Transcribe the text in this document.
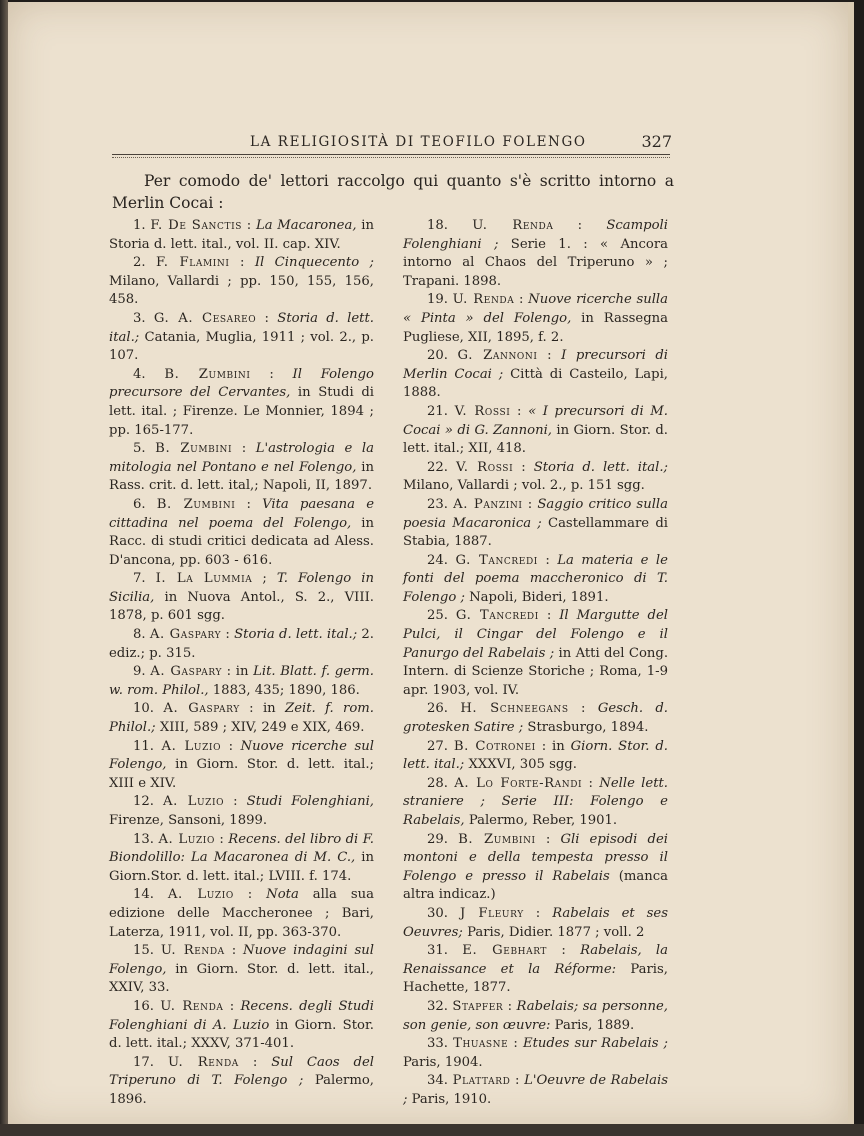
LA RELIGIOSITÀ DI TEOFILO FOLENGO	327

Per comodo de' lettori raccolgo qui quanto s'è scritto intorno a Merlin Cocai :

1. F. De Sanctis : La Macaronea, in Storia d. lett. ital., vol. II. cap. XIV.

2. F. Flamini : Il Cinquecento ; Milano, Vallardi ; pp. 150, 155, 156, 458.

3. G. A. Cesareo : Storia d. lett. ital.; Catania, Muglia, 1911 ; vol. 2., p. 107.

4. B. Zumbini : Il Folengo precursore del Cervantes, in Studi di lett. ital. ; Firenze. Le Monnier, 1894 ; pp. 165-177.

5. B. Zumbini : L'astrologia e la mitologia nel Pontano e nel Folengo, in Rass. crit. d. lett. ital,; Napoli, II, 1897.

6. B. Zumbini : Vita paesana e cittadina nel poema del Folengo, in Racc. di studi critici dedicata ad Aless. D'ancona, pp. 603 - 616.

7. I. La Lummia ; T. Folengo in Sicilia, in Nuova Antol., S. 2., VIII. 1878, p. 601 sgg.

8. A. Gaspary : Storia d. lett. ital.; 2. ediz.; p. 315.

9. A. Gaspary : in Lit. Blatt. f. germ. w. rom. Philol., 1883, 435; 1890, 186.

10. A. Gaspary : in Zeit. f. rom. Philol.; XIII, 589 ; XIV, 249 e XIX, 469.

11. A. Luzio : Nuove ricerche sul Folengo, in Giorn. Stor. d. lett. ital.; XIII e XIV.

12. A. Luzio : Studi Folenghiani, Firenze, Sansoni, 1899.

13. A. Luzio : Recens. del libro di F. Biondolillo: La Macaronea di M. C., in Giorn.Stor. d. lett. ital.; LVIII. f. 174.

14. A. Luzio : Nota alla sua edizione delle Maccheronee ; Bari, Laterza, 1911, vol. II, pp. 363-370.

15. U. Renda : Nuove indagini sul Folengo, in Giorn. Stor. d. lett. ital., XXIV, 33.

16. U. Renda : Recens. degli Studi Folenghiani di A. Luzio in Giorn. Stor. d. lett. ital.; XXXV, 371-401.

17. U. Renda : Sul Caos del Triperuno di T. Folengo ; Palermo, 1896.

18. U. Renda : Scampoli Folenghiani ; Serie 1. : « Ancora intorno al Chaos del Triperuno » ; Trapani. 1898.

19. U. Renda : Nuove ricerche sulla « Pinta » del Folengo, in Rassegna Pugliese, XII, 1895, f. 2.

20. G. Zannoni : I precursori di Merlin Cocai ; Città di Casteilo, Lapi, 1888.

21. V. Rossi : « I precursori di M. Cocai » di G. Zannoni, in Giorn. Stor. d. lett. ital.; XII, 418.

22. V. Rossi : Storia d. lett. ital.; Milano, Vallardi ; vol. 2., p. 151 sgg.

23. A. Panzini : Saggio critico sulla poesia Macaronica ; Castellammare di Stabia, 1887.

24. G. Tancredi : La materia e le fonti del poema maccheronico di T. Folengo ; Napoli, Bideri, 1891.

25. G. Tancredi : Il Margutte del Pulci, il Cingar del Folengo e il Panurgo del Rabelais ; in Atti del Cong. Intern. di Scienze Storiche ; Roma, 1-9 apr. 1903, vol. IV.

26. H. Schneegans : Gesch. d. grotesken Satire ; Strasburgo, 1894.

27. B. Cotronei : in Giorn. Stor. d. lett. ital.; XXXVI, 305 sgg.

28. A. Lo Forte-Randi : Nelle lett. straniere ; Serie III: Folengo e Rabelais, Palermo, Reber, 1901.

29. B. Zumbini : Gli episodi dei montoni e della tempesta presso il Folengo e presso il Rabelais (manca altra indicaz.)

30. J Fleury : Rabelais et ses Oeuvres; Paris, Didier. 1877 ; voll. 2

31. E. Gebhart : Rabelais, la Renaissance et la Réforme: Paris, Hachette, 1877.

32. Stapfer : Rabelais; sa personne, son genie, son œuvre: Paris, 1889.

33. Thuasne : Etudes sur Rabelais ; Paris, 1904.

34. Plattard : L'Oeuvre de Rabelais ; Paris, 1910.
